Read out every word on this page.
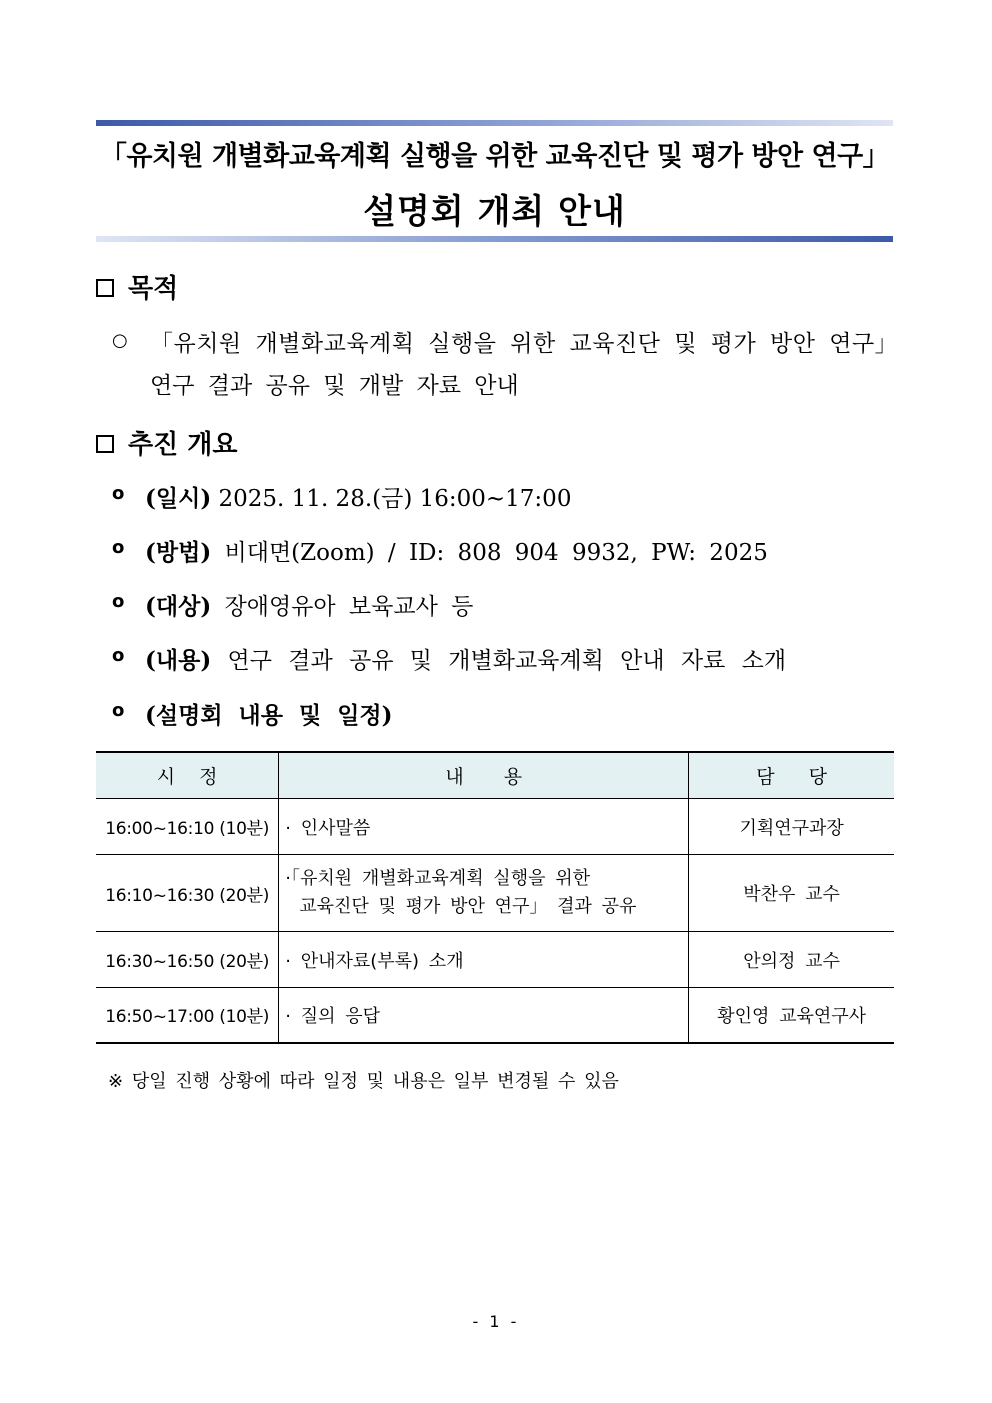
「유치원 개별화교육계획 실행을 위한 교육진단 및 평가 방안 연구」
설명회 개최 안내
목적
○ 「유치원 개별화교육계획 실행을 위한 교육진단 및 평가 방안 연구」
연구 결과 공유 및 개발 자료 안내
추진 개요
o (일시) 2025. 11. 28.(금) 16:00~17:00
o (방법) 비대면(Zoom) / ID: 808 904 9932, PW: 2025
o (대상) 장애영유아 보육교사 등
o (내용) 연구 결과 공유 및 개별화교육계획 안내 자료 소개
o (설명회 내용 및 일정)
시 정	내 용	담 당
16:00~16:10 (10분)	· 인사말씀	기획연구과장
16:10~16:30 (20분)	·「유치원 개별화교육계획 실행을 위한
교육진단 및 평가 방안 연구」 결과 공유	박찬우 교수
16:30~16:50 (20분)	· 안내자료(부록) 소개	안의정 교수
16:50~17:00 (10분)	· 질의 응답	황인영 교육연구사
※ 당일 진행 상황에 따라 일정 및 내용은 일부 변경될 수 있음
- 1 -
